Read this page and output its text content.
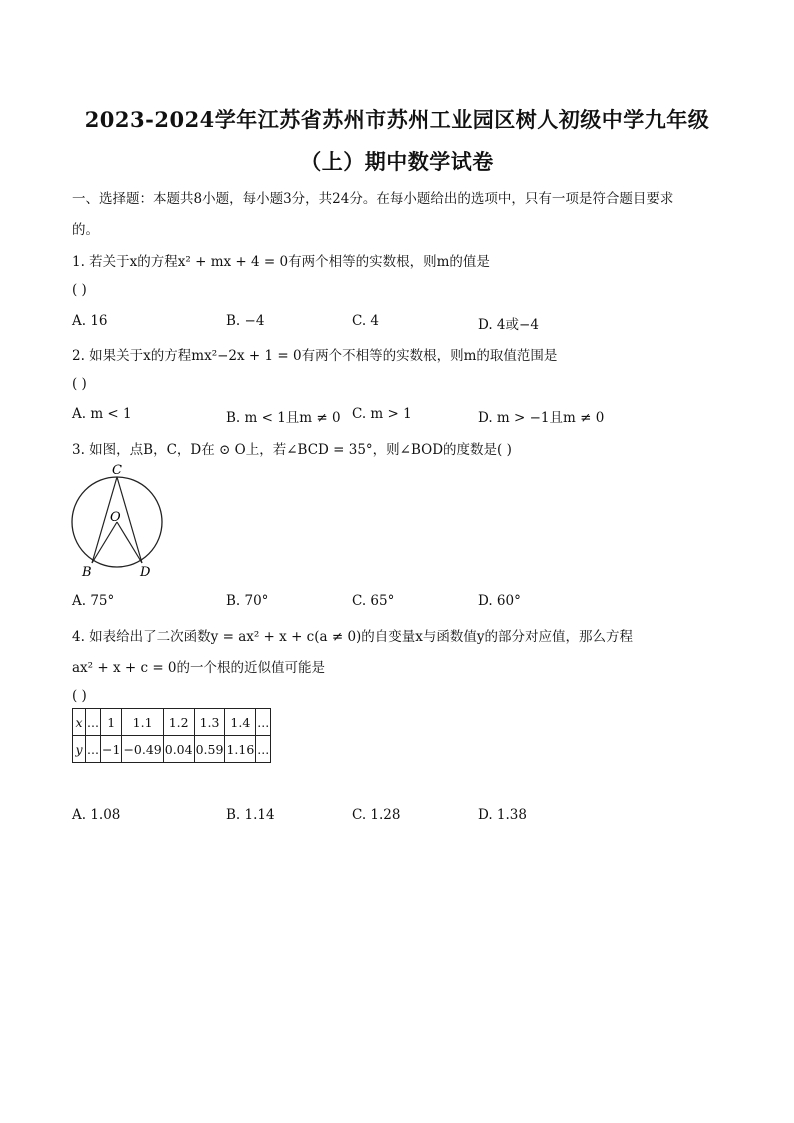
2023-2024学年江苏省苏州市苏州工业园区树人初级中学九年级
（上）期中数学试卷
一、选择题：本题共8小题，每小题3分，共24分。在每小题给出的选项中，只有一项是符合题目要求
的。
1. 若关于x的方程x² + mx + 4 = 0有两个相等的实数根，则m的值是
( )
A. 16	B. −4	C. 4	D. 4或−4
2. 如果关于x的方程mx²−2x + 1 = 0有两个不相等的实数根，则m的取值范围是
( )
A. m < 1	B. m < 1且m ≠ 0 C. m > 1	D. m > −1且m ≠ 0
3. 如图，点B，C，D在 ⊙ O上，若∠BCD = 35°，则∠BOD的度数是( )
C
O
B	D
A. 75°	B. 70°	C. 65°	D. 60°
4. 如表给出了二次函数y = ax² + x + c(a ≠ 0)的自变量x与函数值y的部分对应值，那么方程
ax² + x + c = 0的一个根的近似值可能是
( )
x	...	1	1.1	1.2	1.3	1.4	...
y	...	−1	−0.49	0.04	0.59	1.16	...
A. 1.08	B. 1.14	C. 1.28	D. 1.38
